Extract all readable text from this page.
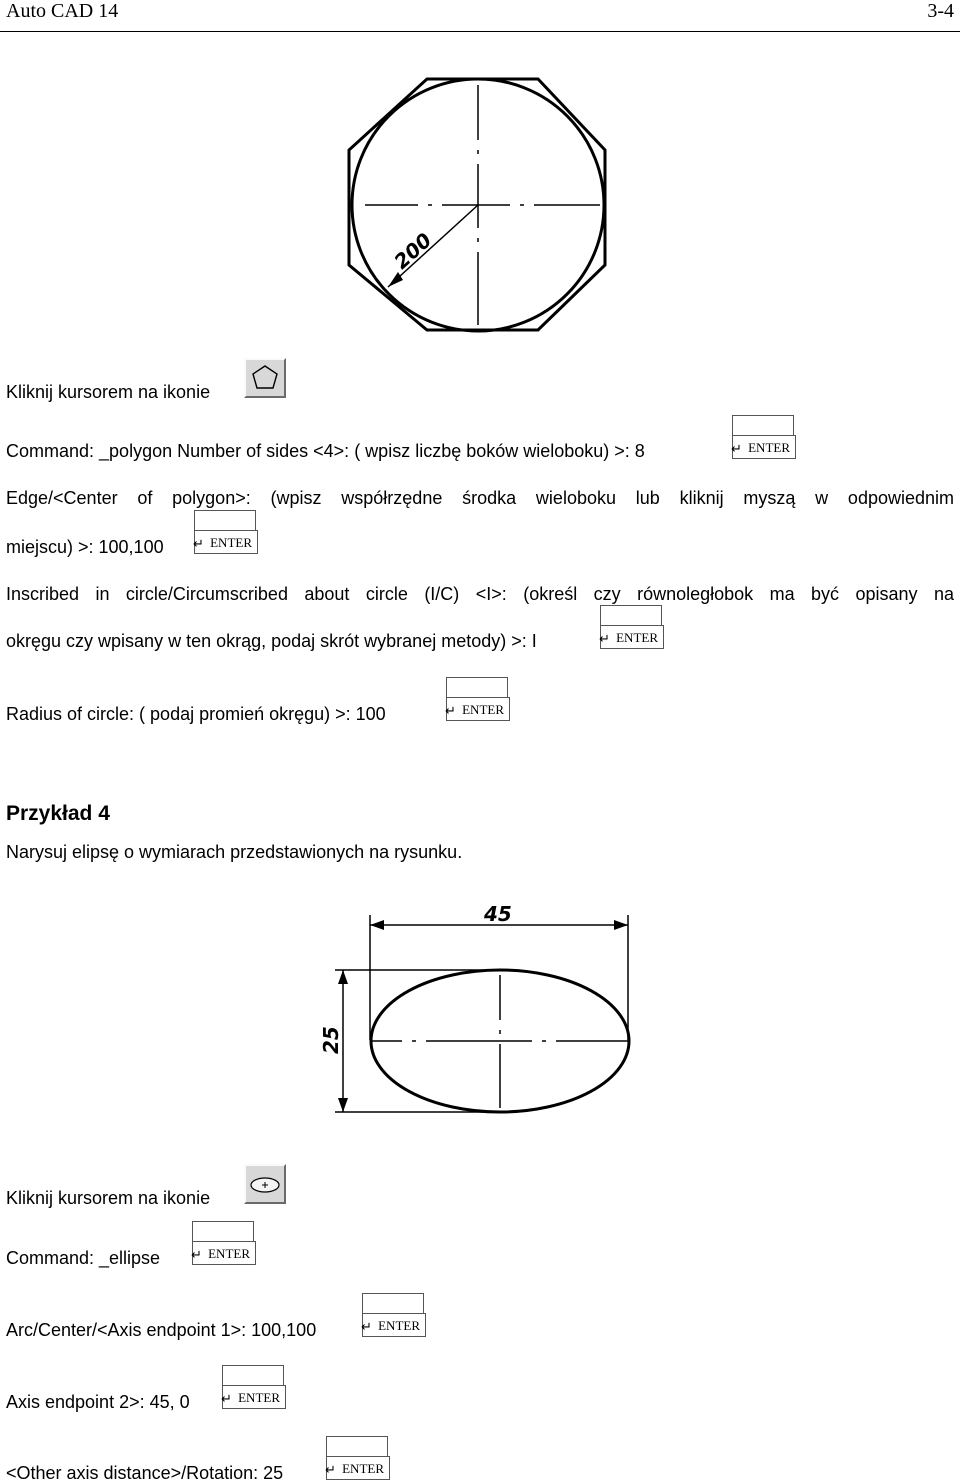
Auto CAD 14	3-4
200
Kliknij kursorem na ikonie
Command: _polygon Number of sides <4>: ( wpisz liczbę boków wieloboku) >: 8	↵ ENTER
Edge/<Center of polygon>: (wpisz współrzędne środka wieloboku lub kliknij myszą w odpowiednim
miejscu) >: 100,100 ↵ ENTER
Inscribed in circle/Circumscribed about circle (I/C) <I>: (określ czy równoległobok ma być opisany na
okręgu czy wpisany w ten okrąg, podaj skrót wybranej metody) >: I	↵ ENTER
Radius of circle: ( podaj promień okręgu) >: 100	↵ ENTER
Przykład 4
Narysuj elipsę o wymiarach przedstawionych na rysunku.
45
25
Kliknij kursorem na ikonie
Command: _ellipse ↵ ENTER
Arc/Center/<Axis endpoint 1>: 100,100	↵ ENTER
Axis endpoint 2>: 45, 0 ↵ ENTER
<Other axis distance>/Rotation: 25	↵ ENTER
